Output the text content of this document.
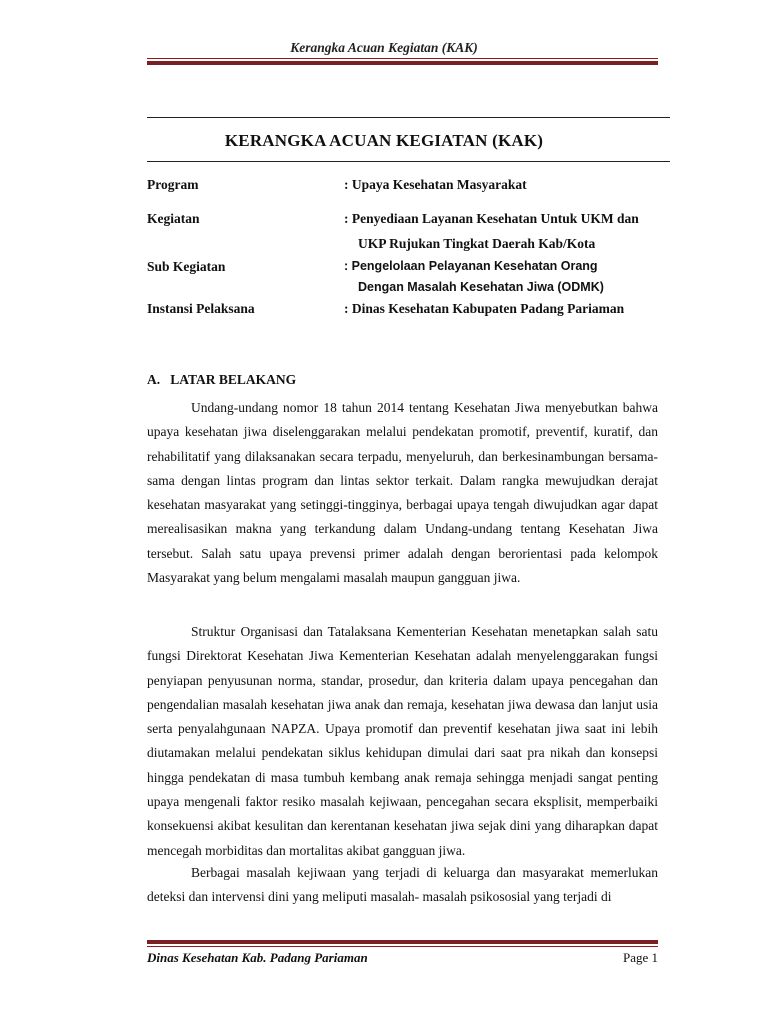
Kerangka Acuan Kegiatan (KAK)
KERANGKA ACUAN KEGIATAN (KAK)
Program	: Upaya Kesehatan Masyarakat
Kegiatan	: Penyediaan Layanan Kesehatan Untuk UKM dan
UKP Rujukan Tingkat Daerah Kab/Kota
Sub Kegiatan	: Pengelolaan Pelayanan Kesehatan Orang
Dengan Masalah Kesehatan Jiwa (ODMK)
Instansi Pelaksana	: Dinas Kesehatan Kabupaten Padang Pariaman
A.   LATAR BELAKANG

Undang-undang nomor 18 tahun 2014 tentang Kesehatan Jiwa menyebutkan bahwa upaya kesehatan jiwa diselenggarakan melalui pendekatan promotif, preventif, kuratif, dan rehabilitatif yang dilaksanakan secara terpadu, menyeluruh, dan berkesinambungan bersama-sama dengan lintas program dan lintas sektor terkait. Dalam rangka mewujudkan derajat kesehatan masyarakat yang setinggi-tingginya, berbagai upaya tengah diwujudkan agar dapat merealisasikan makna yang terkandung dalam Undang-undang tentang Kesehatan Jiwa tersebut. Salah satu upaya prevensi primer adalah dengan berorientasi pada kelompok Masyarakat yang belum mengalami masalah maupun gangguan jiwa.

Struktur Organisasi dan Tatalaksana Kementerian Kesehatan menetapkan salah satu fungsi Direktorat Kesehatan Jiwa Kementerian Kesehatan adalah menyelenggarakan fungsi penyiapan penyusunan norma, standar, prosedur, dan kriteria dalam upaya pencegahan dan pengendalian masalah kesehatan jiwa anak dan remaja, kesehatan jiwa dewasa dan lanjut usia serta penyalahgunaan NAPZA. Upaya promotif dan preventif kesehatan jiwa saat ini lebih diutamakan melalui pendekatan siklus kehidupan dimulai dari saat pra nikah dan konsepsi hingga pendekatan di masa tumbuh kembang anak remaja sehingga menjadi sangat penting upaya mengenali faktor resiko masalah kejiwaan, pencegahan secara eksplisit, memperbaiki konsekuensi akibat kesulitan dan kerentanan kesehatan jiwa sejak dini yang diharapkan dapat mencegah morbiditas dan mortalitas akibat gangguan jiwa.

Berbagai masalah kejiwaan yang terjadi di keluarga dan masyarakat memerlukan deteksi dan intervensi dini yang meliputi masalah- masalah psikososial yang terjadi di

Dinas Kesehatan Kab. Padang Pariaman	Page 1
